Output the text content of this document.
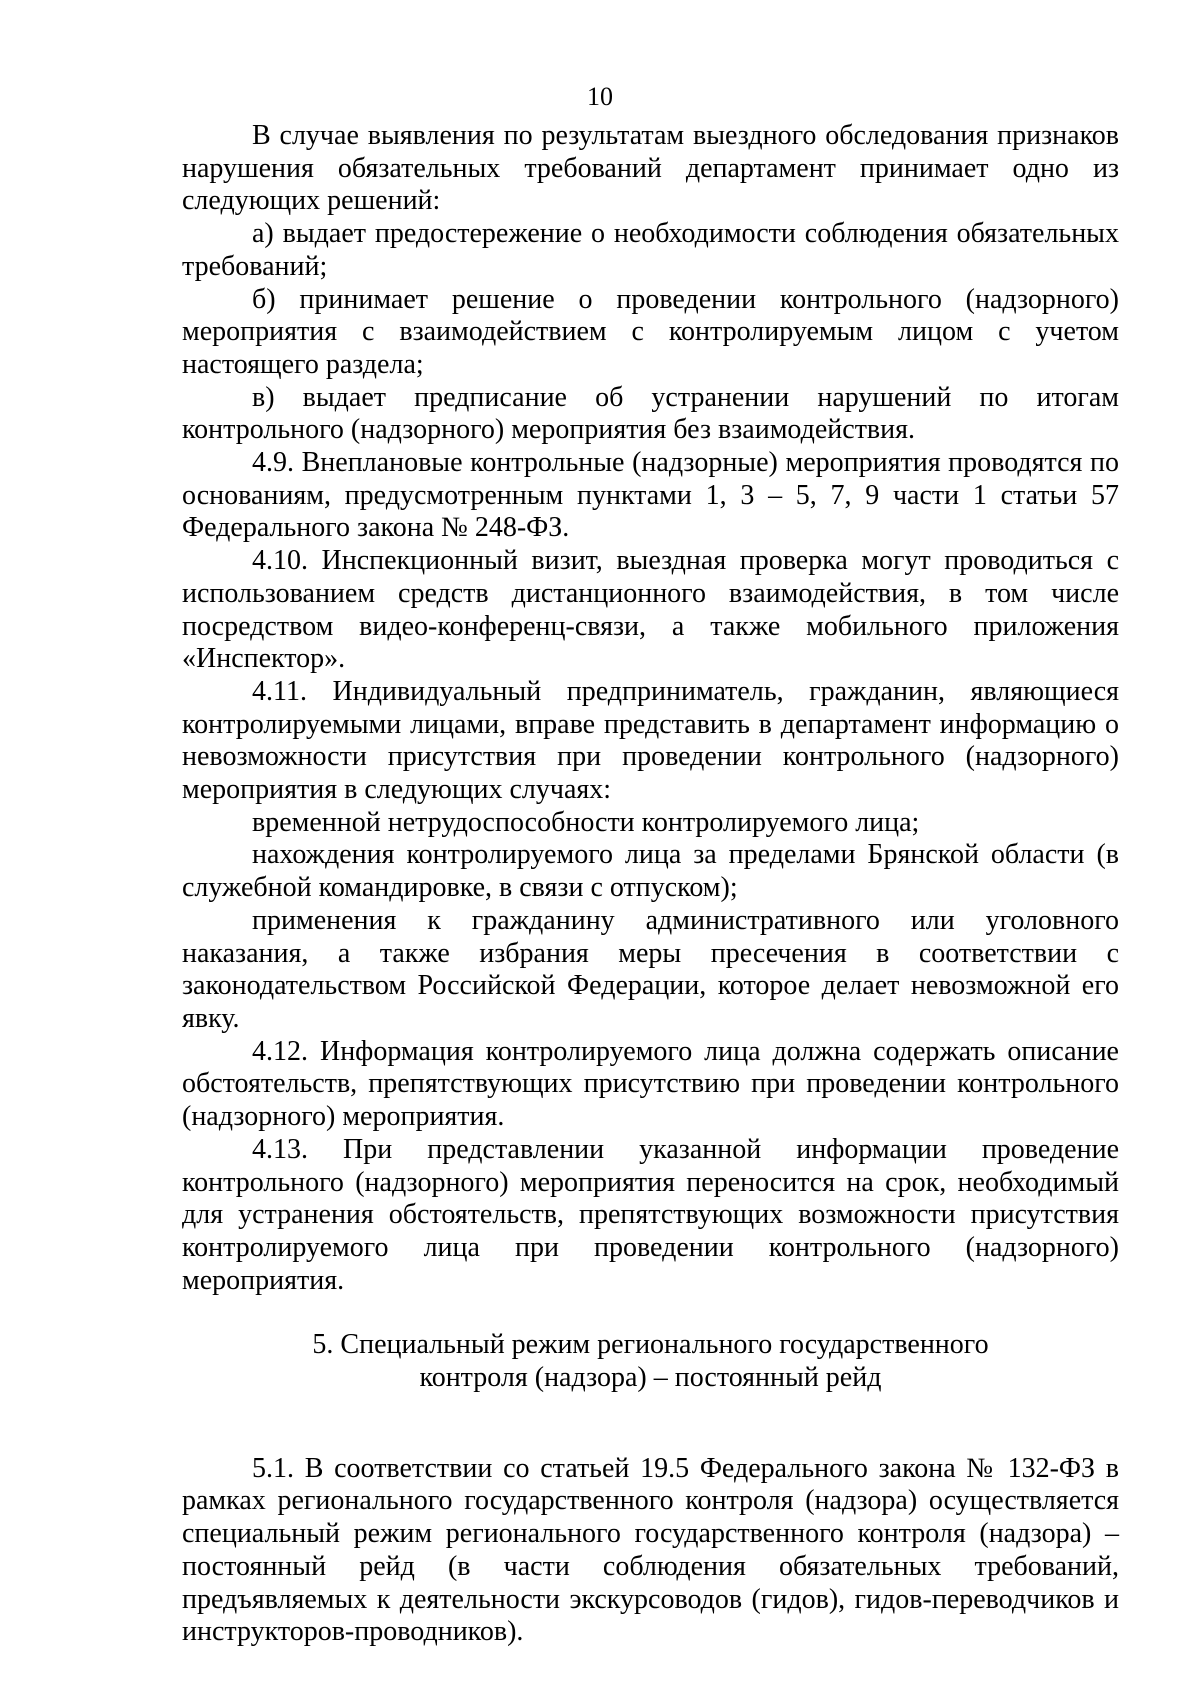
10

В случае выявления по результатам выездного обследования признаков нарушения обязательных требований департамент принимает одно из следующих решений:

а) выдает предостережение о необходимости соблюдения обязательных требований;

б) принимает решение о проведении контрольного (надзорного) мероприятия с взаимодействием с контролируемым лицом с учетом настоящего раздела;

в) выдает предписание об устранении нарушений по итогам контрольного (надзорного) мероприятия без взаимодействия.

4.9. Внеплановые контрольные (надзорные) мероприятия проводятся по основаниям, предусмотренным пунктами 1, 3 – 5, 7, 9 части 1 статьи 57 Федерального закона № 248-ФЗ.

4.10. Инспекционный визит, выездная проверка могут проводиться с использованием средств дистанционного взаимодействия, в том числе посредством видео-конференц-связи, а также мобильного приложения «Инспектор».

4.11. Индивидуальный предприниматель, гражданин, являющиеся контролируемыми лицами, вправе представить в департамент информацию о невозможности присутствия при проведении контрольного (надзорного) мероприятия в следующих случаях:

временной нетрудоспособности контролируемого лица;

нахождения контролируемого лица за пределами Брянской области (в служебной командировке, в связи с отпуском);

применения к гражданину административного или уголовного наказания, а также избрания меры пресечения в соответствии с законодательством Российской Федерации, которое делает невозможной его явку.

4.12. Информация контролируемого лица должна содержать описание обстоятельств, препятствующих присутствию при проведении контрольного (надзорного) мероприятия.

4.13. При представлении указанной информации проведение контрольного (надзорного) мероприятия переносится на срок, необходимый для устранения обстоятельств, препятствующих возможности присутствия контролируемого лица при проведении контрольного (надзорного) мероприятия.

5. Специальный режим регионального государственного

контроля (надзора) – постоянный рейд

5.1. В соответствии со статьей 19.5 Федерального закона № 132-ФЗ в рамках регионального государственного контроля (надзора) осуществляется специальный режим регионального государственного контроля (надзора) – постоянный рейд (в части соблюдения обязательных требований, предъявляемых к деятельности экскурсоводов (гидов), гидов-переводчиков и инструкторов-проводников).
